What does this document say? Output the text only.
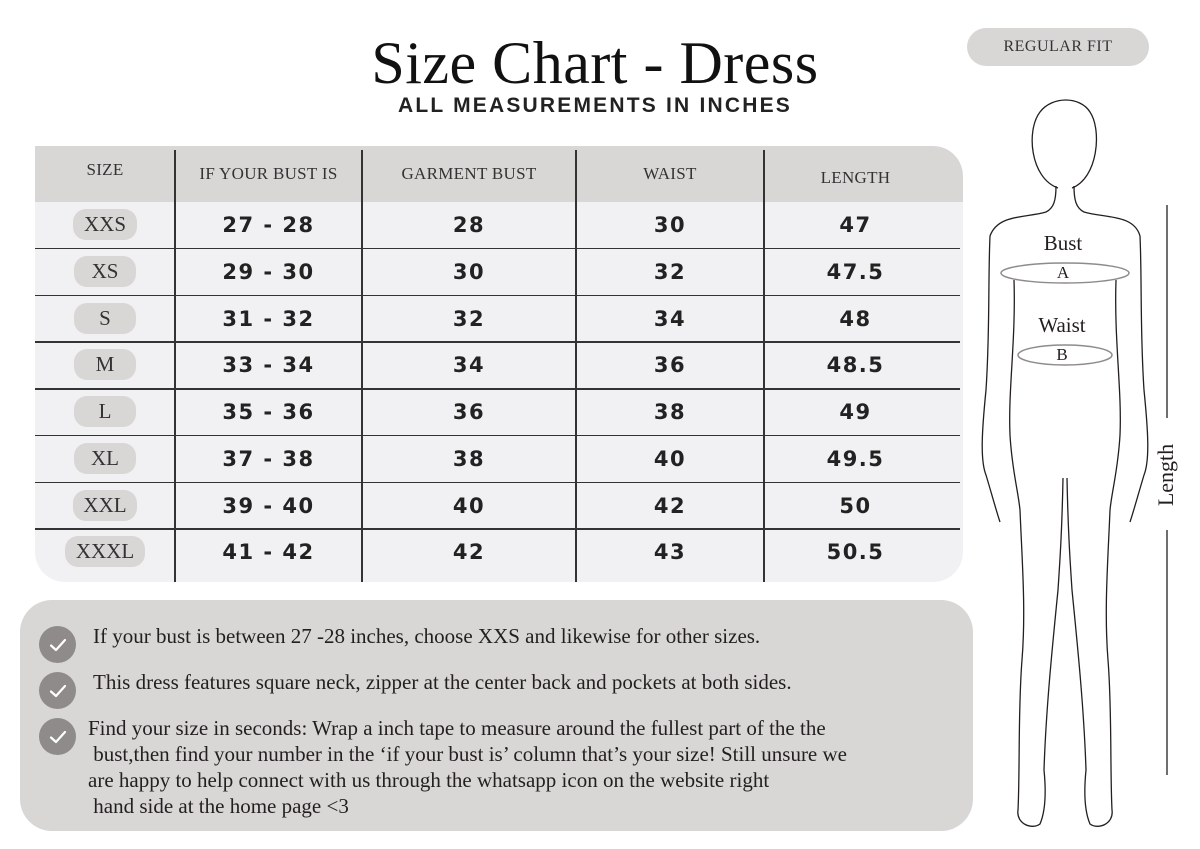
Size Chart - Dress
ALL MEASUREMENTS IN INCHES
REGULAR FIT
SIZE	IF YOUR BUST IS	GARMENT BUST	WAIST	LENGTH
XXS	27 - 28	28	30	47
XS	29 - 30	30	32	47.5
S	31 - 32	32	34	48
M	33 - 34	34	36	48.5
L	35 - 36	36	38	49
XL	37 - 38	38	40	49.5
XXL	39 - 40	40	42	50
XXXL	41 - 42	42	43	50.5
If your bust is between 27 -28 inches, choose XXS and likewise for other sizes.
This dress features square neck, zipper at the center back and pockets at both sides.
Find your size in seconds: Wrap a inch tape to measure around the fullest part of the the
bust,then find your number in the ‘if your bust is’ column that’s your size! Still unsure we
are happy to help connect with us through the whatsapp icon on the website right
hand side at the home page <3
Bust
A
Waist
B
Length
